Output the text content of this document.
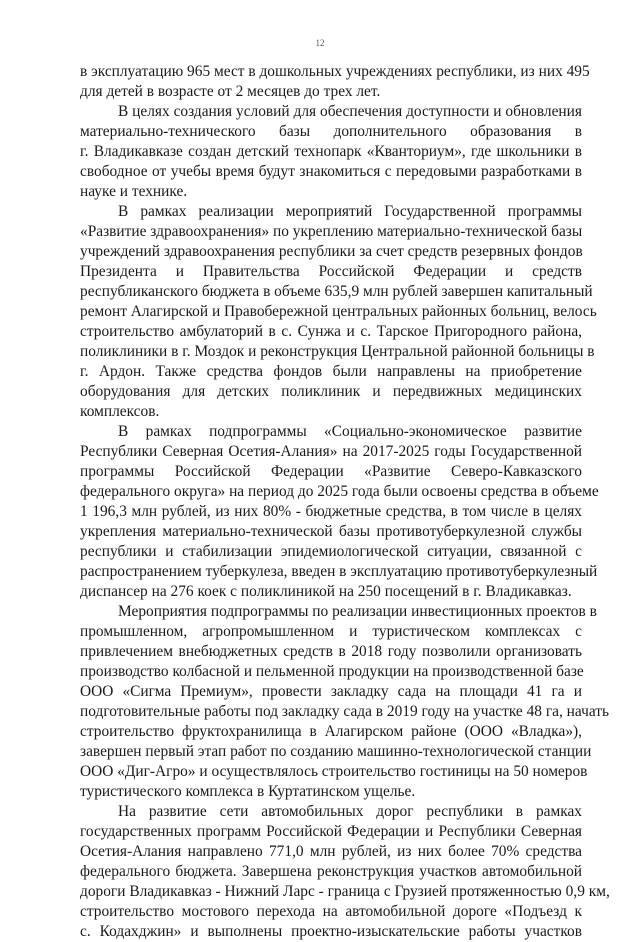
12
в эксплуатацию 965 мест в дошкольных учреждениях республики, из них 495
для детей в возрасте от 2 месяцев до трех лет.
В целях создания условий для обеспечения доступности и обновления
материально-технического базы дополнительного образования в
г. Владикавказе создан детский технопарк «Кванториум», где школьники в
свободное от учебы время будут знакомиться с передовыми разработками в
науке и технике.
В рамках реализации мероприятий Государственной программы
«Развитие здравоохранения» по укреплению материально-технической базы
учреждений здравоохранения республики за счет средств резервных фондов
Президента и Правительства Российской Федерации и средств
республиканского бюджета в объеме 635,9 млн рублей завершен капитальный
ремонт Алагирской и Правобережной центральных районных больниц, велось
строительство амбулаторий в с. Сунжа и с. Тарское Пригородного района,
поликлиники в г. Моздок и реконструкция Центральной районной больницы в
г. Ардон. Также средства фондов были направлены на приобретение
оборудования для детских поликлиник и передвижных медицинских
комплексов.
В рамках подпрограммы «Социально-экономическое развитие
Республики Северная Осетия-Алания» на 2017-2025 годы Государственной
программы Российской Федерации «Развитие Северо-Кавказского
федерального округа» на период до 2025 года были освоены средства в объеме
1 196,3 млн рублей, из них 80% - бюджетные средства, в том числе в целях
укрепления материально-технической базы противотуберкулезной службы
республики и стабилизации эпидемиологической ситуации, связанной с
распространением туберкулеза, введен в эксплуатацию противотуберкулезный
диспансер на 276 коек с поликлиникой на 250 посещений в г. Владикавказ.
Мероприятия подпрограммы по реализации инвестиционных проектов в
промышленном, агропромышленном и туристическом комплексах с
привлечением внебюджетных средств в 2018 году позволили организовать
производство колбасной и пельменной продукции на производственной базе
ООО «Сигма Премиум», провести закладку сада на площади 41 га и
подготовительные работы под закладку сада в 2019 году на участке 48 га, начать
строительство фруктохранилища в Алагирском районе (ООО «Владка»),
завершен первый этап работ по созданию машинно-технологической станции
ООО «Диг-Агро» и осуществлялось строительство гостиницы на 50 номеров
туристического комплекса в Куртатинском ущелье.
На развитие сети автомобильных дорог республики в рамках
государственных программ Российской Федерации и Республики Северная
Осетия-Алания направлено 771,0 млн рублей, из них более 70% средства
федерального бюджета. Завершена реконструкция участков автомобильной
дороги Владикавказ - Нижний Ларс - граница с Грузией протяженностью 0,9 км,
строительство мостового перехода на автомобильной дороге «Подъезд к
с. Кодахджин» и выполнены проектно-изыскательские работы участков
